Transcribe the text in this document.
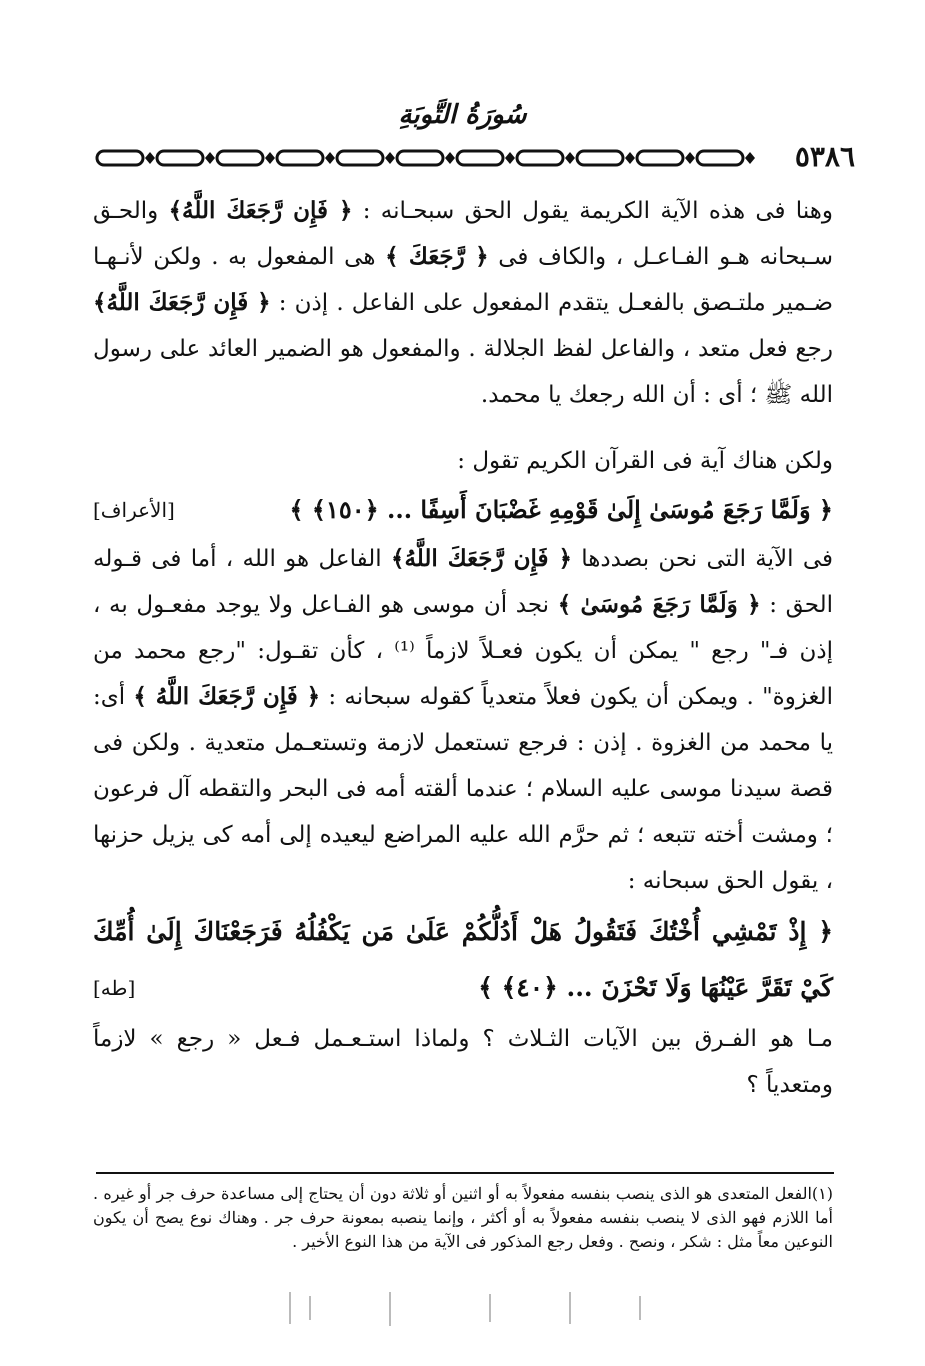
سُورَةُ التَّوبَةِ
٥٣٨٦

وهنا فى هذه الآية الكريمة يقول الحق سبحـانه : ﴿ فَإِن رَّجَعَكَ اللَّهُ﴾ والحـق سـبحانه هـو الفـاعـل ، والكاف فى ﴿ رَّجَعَكَ ﴾ هى المفعول به . ولكن لأنـهـا ضـمير ملتـصق بالفعـل يتقدم المفعول على الفاعل . إذن : ﴿ فَإِن رَّجَعَكَ اللَّهُ﴾ رجع فعل متعد ، والفاعل لفظ الجلالة . والمفعول هو الضمير العائد على رسول الله ﷺ ؛ أى : أن الله رجعك يا محمد.

ولكن هناك آية فى القرآن الكريم تقول :

﴿ وَلَمَّا رَجَعَ مُوسَىٰ إِلَىٰ قَوْمِهِ غَضْبَانَ أَسِفًا ... ﴿١٥٠﴾ ﴾
[الأعراف]

فى الآية التى نحن بصددها ﴿ فَإِن رَّجَعَكَ اللَّهُ﴾ الفاعل هو الله ، أما فى قـوله الحق : ﴿ وَلَمَّا رَجَعَ مُوسَىٰ ﴾ نجد أن موسى هو الفـاعل ولا يوجد مفعـول به ، إذن فـ" رجع " يمكن أن يكون فعـلاً لازماً ⁽¹⁾ ، كأن تقـول: "رجع محمد من الغزوة" . ويمكن أن يكون فعلاً متعدياً كقوله سبحانه : ﴿ فَإِن رَّجَعَكَ اللَّهُ ﴾ أى: يا محمد من الغزوة . إذن : فرجع تستعمل لازمة وتستعـمل متعدية . ولكن فى قصة سيدنا موسى عليه السلام ؛ عندما ألقته أمه فى البحر والتقطه آل فرعون ؛ ومشت أخته تتبعه ؛ ثم حرَّم الله عليه المراضع ليعيده إلى أمه كى يزيل حزنها ، يقول الحق سبحانه :

﴿ إِذْ تَمْشِي أُخْتُكَ فَتَقُولُ هَلْ أَدُلُّكُمْ عَلَىٰ مَن يَكْفُلُهُ فَرَجَعْنَاكَ إِلَىٰ أُمِّكَ كَيْ تَقَرَّ عَيْنُهَا وَلَا تَحْزَنَ ... ﴿٤٠﴾ ﴾
[طه]

مـا هو الفـرق بين الآيات الثـلاث ؟ ولماذا استـعـمل فـعل « رجع » لازماً ومتعدياً ؟

(١)الفعل المتعدى هو الذى ينصب بنفسه مفعولاً به أو اثنين أو ثلاثة دون أن يحتاج إلى مساعدة حرف جر أو غيره . أما اللازم فهو الذى لا ينصب بنفسه مفعولاً به أو أكثر ، وإنما ينصبه بمعونة حرف جر . وهناك نوع يصح أن يكون النوعين معاً مثل : شكر ، ونصح . وفعل رجع المذكور فى الآية من هذا النوع الأخير .
